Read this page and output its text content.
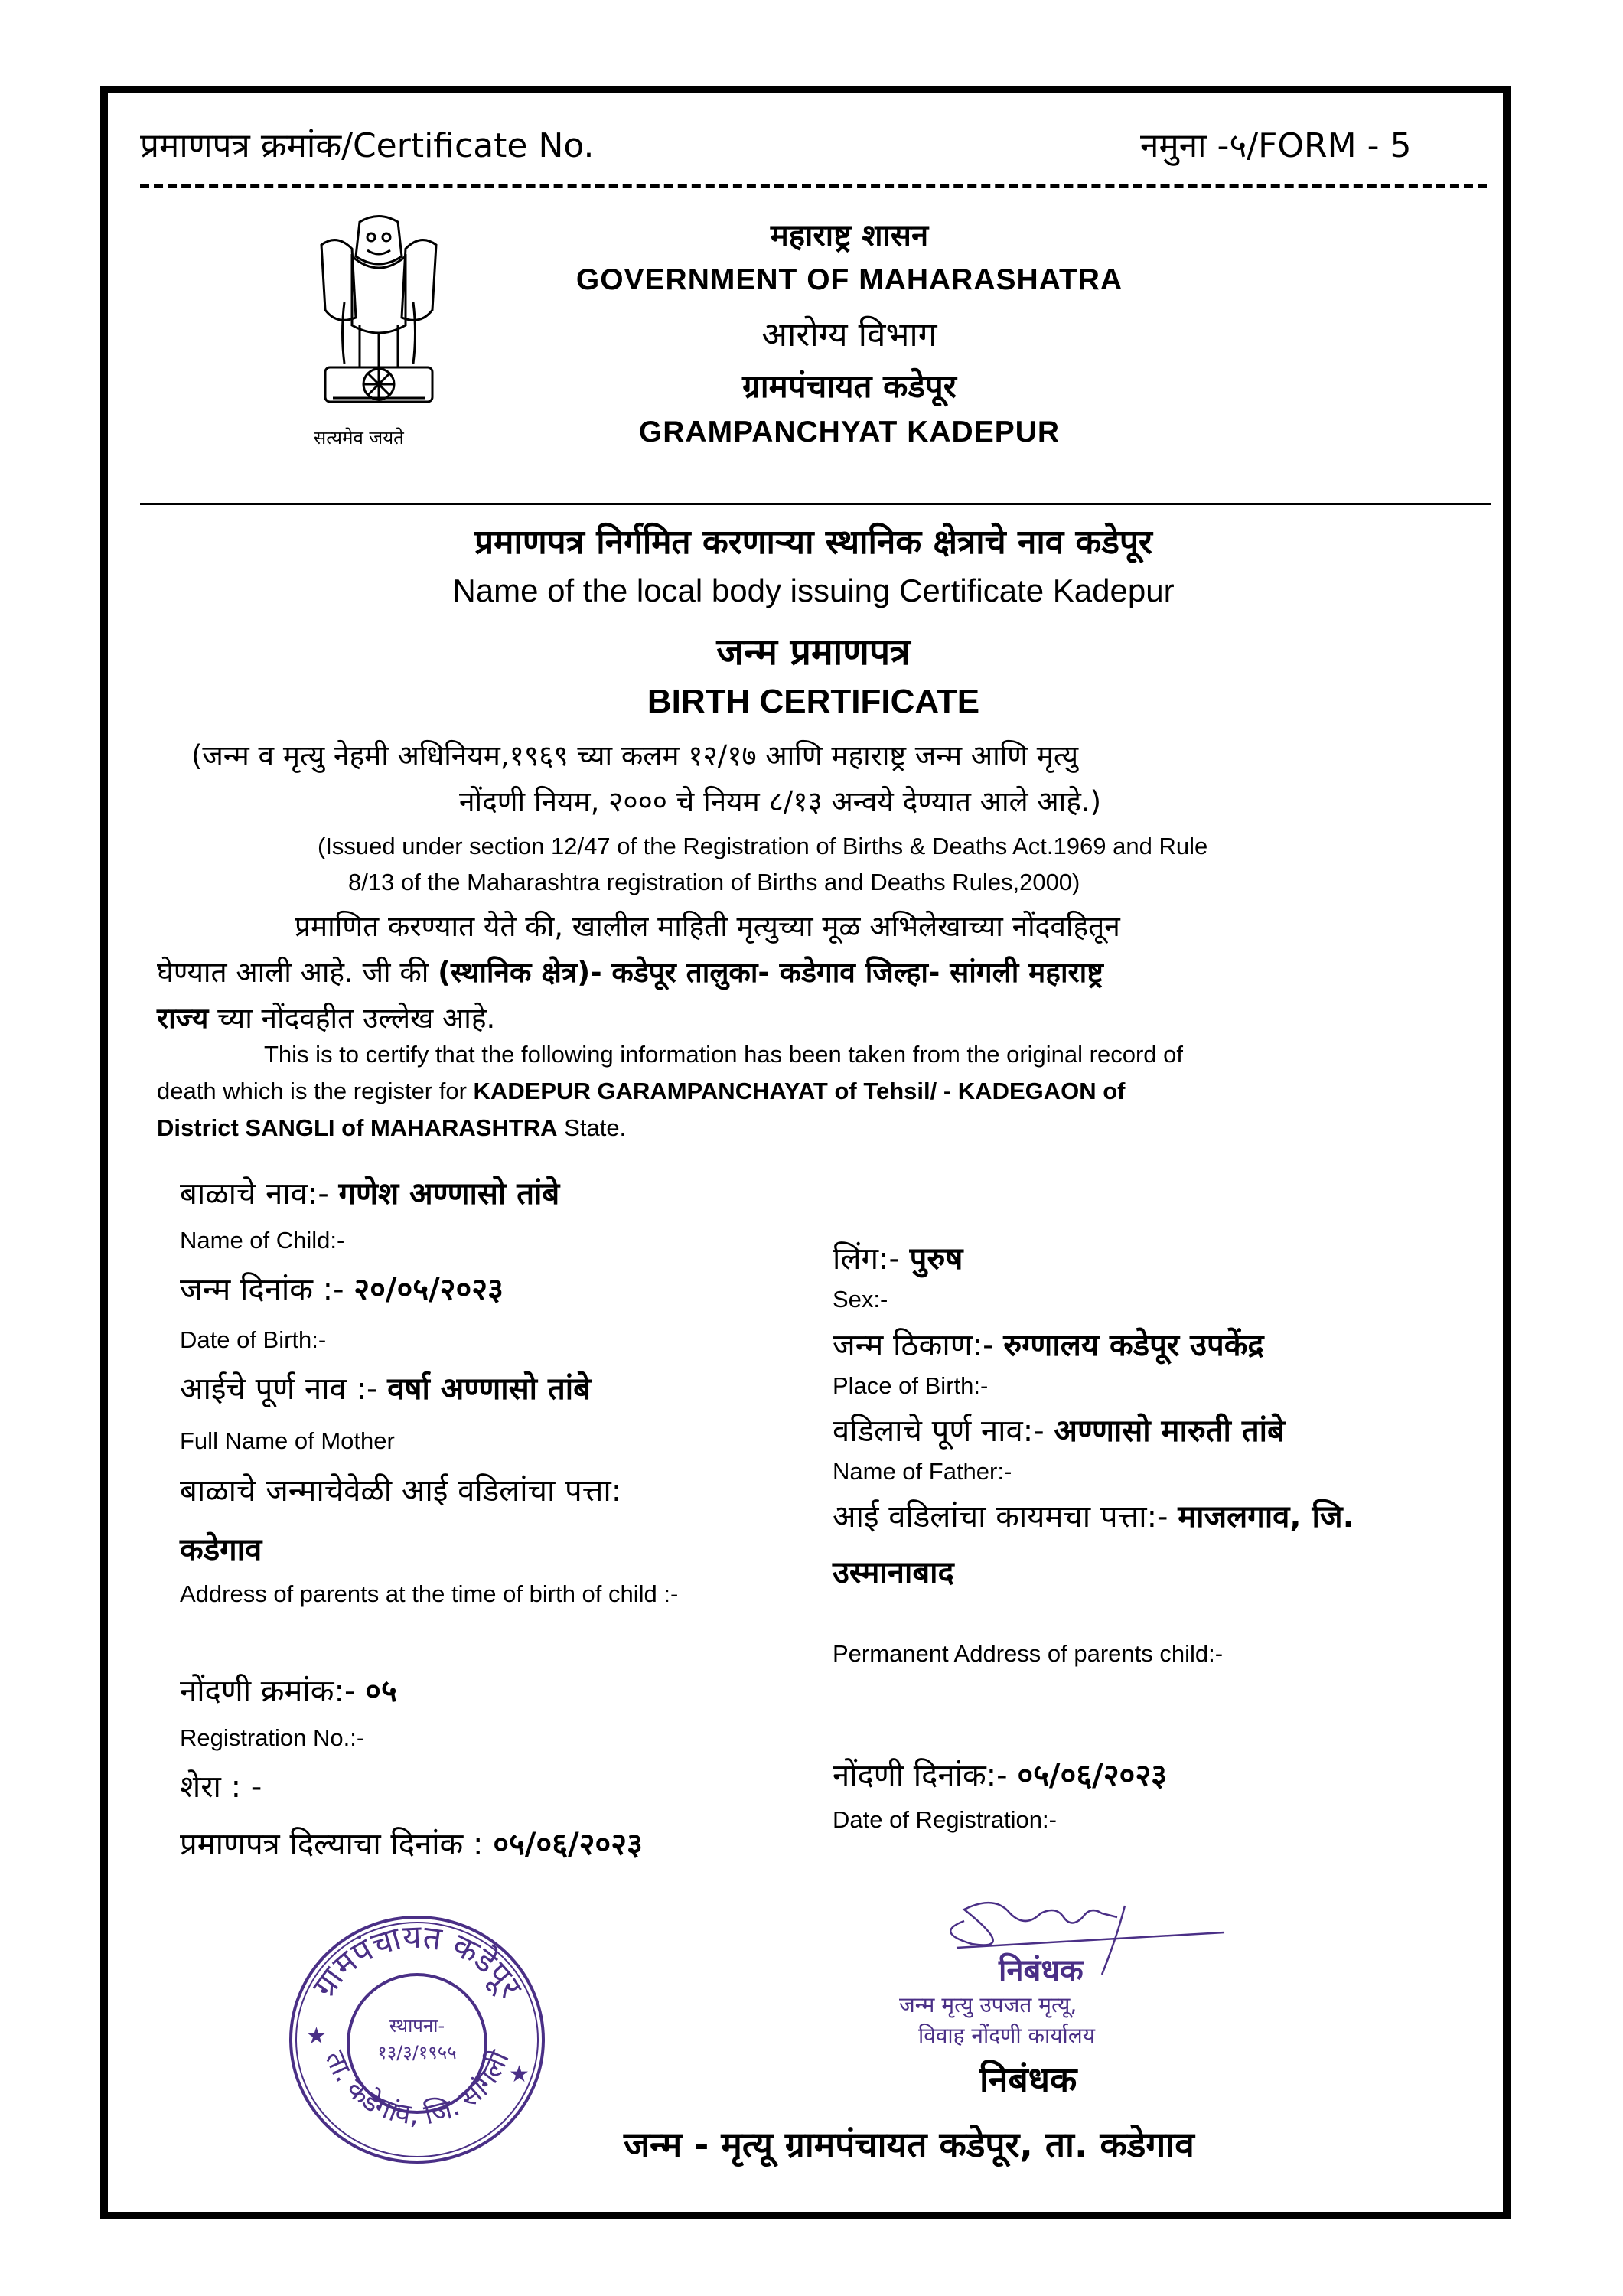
प्रमाणपत्र क्रमांक/Certificate No.	नमुना -५/FORM - 5
सत्यमेव जयते
महाराष्ट्र शासन
GOVERNMENT OF MAHARASHATRA
आरोग्य विभाग
ग्रामपंचायत कडेपूर
GRAMPANCHYAT KADEPUR
प्रमाणपत्र निर्गमित करणाऱ्या स्थानिक क्षेत्राचे नाव कडेपूर
Name of the local body issuing Certificate Kadepur
जन्म प्रमाणपत्र
BIRTH CERTIFICATE
(जन्म व मृत्यु नेहमी अधिनियम,१९६९ च्या कलम १२/१७ आणि महाराष्ट्र जन्म आणि मृत्यु
नोंदणी नियम, २००० चे नियम ८/१३ अन्वये देण्यात आले आहे.)
(Issued under section 12/47 of the Registration of Births & Deaths Act.1969 and Rule
8/13 of the Maharashtra registration of Births and Deaths Rules,2000)
प्रमाणित करण्यात येते की, खालील माहिती मृत्युच्या मूळ अभिलेखाच्या नोंदवहितून
घेण्यात आली आहे. जी की (स्थानिक क्षेत्र)- कडेपूर तालुका- कडेगाव जिल्हा- सांगली महाराष्ट्र
राज्य च्या नोंदवहीत उल्लेख आहे.
This is to certify that the following information has been taken from the original record of
death which is the register for KADEPUR GARAMPANCHAYAT of Tehsil/ - KADEGAON of
District SANGLI of MAHARASHTRA State.
बाळाचे नाव:- गणेश अण्णासो तांबे
Name of Child:-
जन्म दिनांक :- २०/०५/२०२३
Date of Birth:-
आईचे पूर्ण नाव :- वर्षा अण्णासो तांबे
Full Name of Mother
बाळाचे जन्माचेवेळी आई वडिलांचा पत्ता:
कडेगाव
Address of parents at the time of birth of child :-
नोंदणी क्रमांक:- ०५
Registration No.:-
शेरा : -
प्रमाणपत्र दिल्याचा दिनांक : ०५/०६/२०२३
लिंग:- पुरुष
Sex:-
जन्म ठिकाण:- रुग्णालय कडेपूर उपकेंद्र
Place of Birth:-
वडिलाचे पूर्ण नाव:- अण्णासो मारुती तांबे
Name of Father:-
आई वडिलांचा कायमचा पत्ता:- माजलगाव, जि.
उस्मानाबाद
Permanent Address of parents child:-
नोंदणी दिनांक:- ०५/०६/२०२३
Date of Registration:-
ग्रामपंचायत कडेपूर
ता. कडेगांव, जि. सांगली
स्थापना-
१३/३/१९५५
★
★
निबंधक
जन्म मृत्यु उपजत मृत्यू,
विवाह नोंदणी कार्यालय
निबंधक
जन्म - मृत्यू ग्रामपंचायत कडेपूर, ता. कडेगाव
